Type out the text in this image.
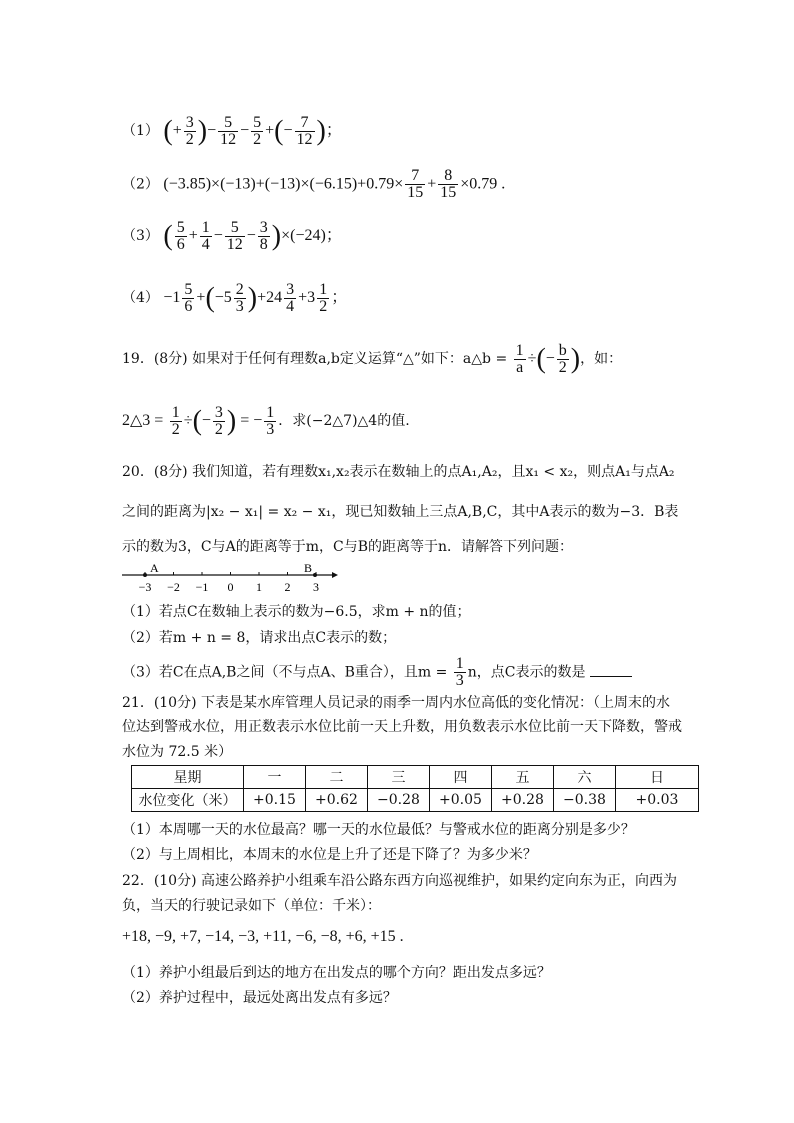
（1） (+ $\frac{3}{2}$ )− $\frac{5}{12} - \frac{5}{2}$ +(− $\frac{7}{12}$ )；
（2） $(-3.85)\times(-13)+(-13)\times(-6.15)+0.79\times \frac{7}{15} + \frac{8}{15} \times 0.79$ .
（3） ( $\frac{5}{6} + \frac{1}{4} - \frac{5}{12} - \frac{3}{8} )\times(-24)$；
$(4) -1 \frac{5}{6} +(-5 \frac{2}{3} )+24 \frac{3}{4} +3 \frac{1}{2}$ ；
19．(8分) 如果对于任何有理数a,b定义运算“△”如下：a△b = $\frac{1}{a}$ ÷(− $\frac{b}{2}$ )，如：
2△3 = $\frac{1}{2}$ ÷(− $\frac{3}{2}$ ) = − $\frac{1}{3}$ ．求(−2△7)△4的值.
20．(8分) 我们知道，若有理数x₁,x₂表示在数轴上的点A₁,A₂，且x₁ < x₂，则点A₁与点A₂
之间的距离为|x₂ − x₁| = x₂ − x₁，现已知数轴上三点A,B,C，其中A表示的数为−3．B表
示的数为3，C与A的距离等于m，C与B的距离等于n．请解答下列问题：
−3 −2 −1 0 1 2 3
A	B
（1）若点C在数轴上表示的数为−6.5，求m + n的值；
（2）若m + n = 8，请求出点C表示的数；
（3）若C在点A,B之间（不与点A、B重合），且$m = \frac{1}{3}$ n，点C表示的数是
21．(10分) 下表是某水库管理人员记录的雨季一周内水位高低的变化情况：（上周末的水
位达到警戒水位，用正数表示水位比前一天上升数，用负数表示水位比前一天下降数，警戒
水位为 72.5 米）
星期	一	二	三	四	五	六	日
水位变化（米）	+0.15	+0.62	−0.28	+0.05	+0.28	−0.38	+0.03
（1）本周哪一天的水位最高？哪一天的水位最低？与警戒水位的距离分别是多少？
（2）与上周相比，本周末的水位是上升了还是下降了？为多少米？
22．(10分) 高速公路养护小组乘车沿公路东西方向巡视维护，如果约定向东为正，向西为
负，当天的行驶记录如下（单位：千米）：
+18, −9, +7, −14, −3, +11, −6, −8, +6, +15 .
（1）养护小组最后到达的地方在出发点的哪个方向？距出发点多远？
（2）养护过程中，最远处离出发点有多远？
